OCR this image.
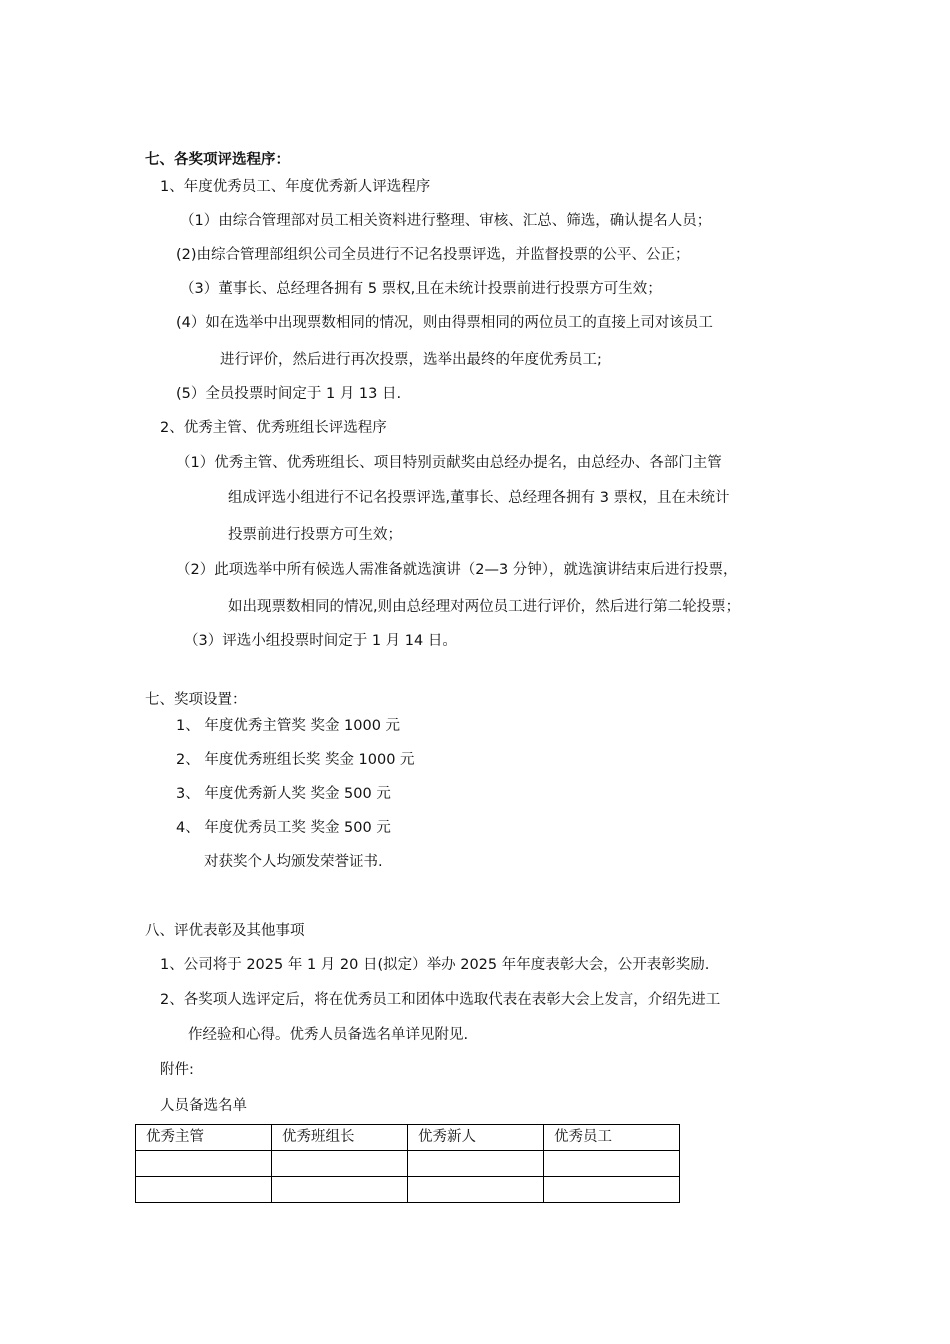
七、各奖项评选程序：
1、年度优秀员工、年度优秀新人评选程序
（1）由综合管理部对员工相关资料进行整理、审核、汇总、筛选，确认提名人员；
(2)由综合管理部组织公司全员进行不记名投票评选，并监督投票的公平、公正；
（3）董事长、总经理各拥有 5 票权,且在未统计投票前进行投票方可生效；
(4）如在选举中出现票数相同的情况，则由得票相同的两位员工的直接上司对该员工
进行评价，然后进行再次投票，选举出最终的年度优秀员工;
(5）全员投票时间定于 1 月 13 日.
2、优秀主管、优秀班组长评选程序
（1）优秀主管、优秀班组长、项目特别贡献奖由总经办提名，由总经办、各部门主管
组成评选小组进行不记名投票评选,董事长、总经理各拥有 3 票权，且在未统计
投票前进行投票方可生效；
（2）此项选举中所有候选人需准备就选演讲（2—3 分钟），就选演讲结束后进行投票，
如出现票数相同的情况,则由总经理对两位员工进行评价，然后进行第二轮投票；
（3）评选小组投票时间定于 1 月 14 日。
七、奖项设置：
1、 年度优秀主管奖 奖金 1000 元
2、 年度优秀班组长奖 奖金 1000 元
3、 年度优秀新人奖 奖金 500 元
4、 年度优秀员工奖 奖金 500 元
对获奖个人均颁发荣誉证书.
八、评优表彰及其他事项
1、公司将于 2025 年 1 月 20 日(拟定）举办 2025 年年度表彰大会，公开表彰奖励.
2、各奖项人选评定后，将在优秀员工和团体中选取代表在表彰大会上发言，介绍先进工
作经验和心得。优秀人员备选名单详见附见.
附件:
人员备选名单
优秀主管	优秀班组长	优秀新人	优秀员工
